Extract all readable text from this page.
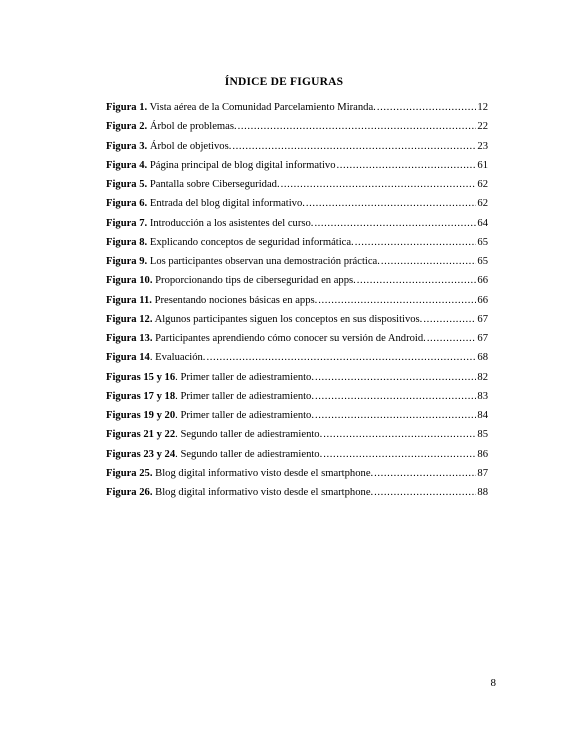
ÍNDICE DE FIGURAS
Figura 1. Vista aérea de la Comunidad Parcelamiento Miranda. .....	12
Figura 2. Árbol de problemas. .....	22
Figura 3. Árbol de objetivos. .....	23
Figura 4. Página principal de blog digital informativo .....	61
Figura 5. Pantalla sobre Ciberseguridad. .....	62
Figura 6. Entrada del blog digital informativo. .....	62
Figura 7. Introducción a los asistentes del curso. .....	64
Figura 8. Explicando conceptos de seguridad informática. .....	65
Figura 9. Los participantes observan una demostración práctica. .....	65
Figura 10. Proporcionando tips de ciberseguridad en apps. .....	66
Figura 11. Presentando nociones básicas en apps. .....	66
Figura 12. Algunos participantes siguen los conceptos en sus dispositivos. .....	67
Figura 13. Participantes aprendiendo cómo conocer su versión de Android. .....	67
Figura 14. Evaluación. .....	68
Figuras 15 y 16. Primer taller de adiestramiento. .....	82
Figuras 17 y 18. Primer taller de adiestramiento. .....	83
Figuras 19 y 20. Primer taller de adiestramiento. .....	84
Figuras 21 y 22. Segundo taller de adiestramiento. .....	85
Figuras 23 y 24. Segundo taller de adiestramiento. .....	86
Figura 25. Blog digital informativo visto desde el smartphone. .....	87
Figura 26. Blog digital informativo visto desde el smartphone. .....	88
8
